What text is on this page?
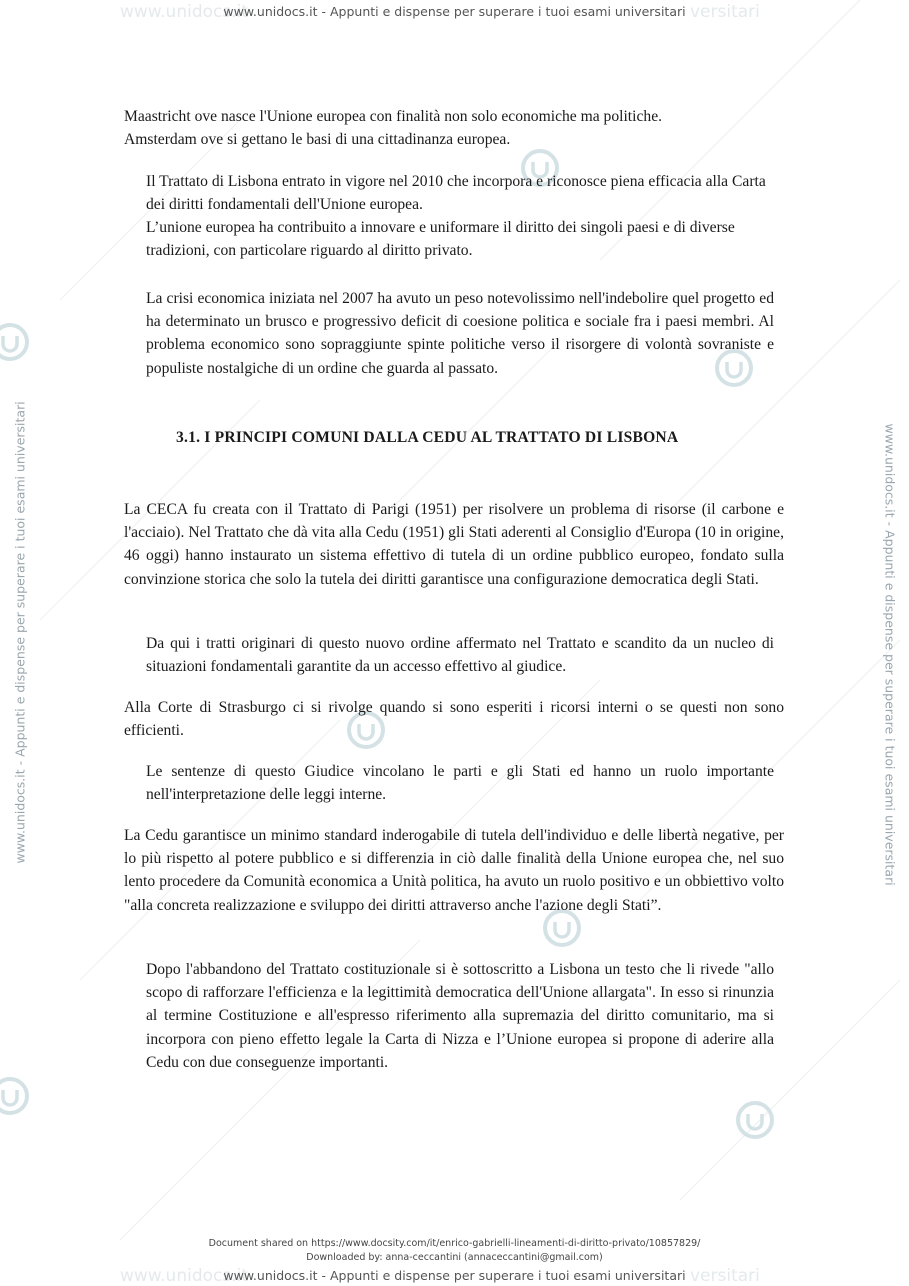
www.unidocs.it	versitari
www.unidocs.it	versitari
www.unidocs.it - Appunti e dispense per superare i tuoi esami universitari
www.unidocs.it - Appunti e dispense per superare i tuoi esami universitari	www.unidocs.it - Appunti e dispense per superare i tuoi esami universitari

Maastricht ove nasce l'Unione europea con finalità non solo economiche ma politiche. Amsterdam ove si gettano le basi di una cittadinanza europea.

Il Trattato di Lisbona entrato in vigore nel 2010 che incorpora e riconosce piena efficacia alla Carta dei diritti fondamentali dell'Unione europea.

L’unione europea ha contribuito a innovare e uniformare il diritto dei singoli paesi e di diverse tradizioni, con particolare riguardo al diritto privato.

La crisi economica iniziata nel 2007 ha avuto un peso notevolissimo nell'indebolire quel progetto ed ha determinato un brusco e progressivo deficit di coesione politica e sociale fra i paesi membri. Al problema economico sono sopraggiunte spinte politiche verso il risorgere di volontà sovraniste e populiste nostalgiche di un ordine che guarda al passato.

3.1. I PRINCIPI COMUNI DALLA CEDU AL TRATTATO DI LISBONA

La CECA fu creata con il Trattato di Parigi (1951) per risolvere un problema di risorse (il carbone e l'acciaio). Nel Trattato che dà vita alla Cedu (1951) gli Stati aderenti al Consiglio d'Europa (10 in origine, 46 oggi) hanno instaurato un sistema effettivo di tutela di un ordine pubblico europeo, fondato sulla convinzione storica che solo la tutela dei diritti garantisce una configurazione democratica degli Stati.

Da qui i tratti originari di questo nuovo ordine affermato nel Trattato e scandito da un nucleo di situazioni fondamentali garantite da un accesso effettivo al giudice.

Alla Corte di Strasburgo ci si rivolge quando si sono esperiti i ricorsi interni o se questi non sono efficienti.

Le sentenze di questo Giudice vincolano le parti e gli Stati ed hanno un ruolo importante nell'interpretazione delle leggi interne.

La Cedu garantisce un minimo standard inderogabile di tutela dell'individuo e delle libertà negative, per lo più rispetto al potere pubblico e si differenzia in ciò dalle finalità della Unione europea che, nel suo lento procedere da Comunità economica a Unità politica, ha avuto un ruolo positivo e un obbiettivo volto "alla concreta realizzazione e sviluppo dei diritti attraverso anche l'azione degli Stati”.

Dopo l'abbandono del Trattato costituzionale si è sottoscritto a Lisbona un testo che li rivede "allo scopo di rafforzare l'efficienza e la legittimità democratica dell'Unione allargata". In esso si rinunzia al termine Costituzione e all'espresso riferimento alla supremazia del diritto comunitario, ma si incorpora con pieno effetto legale la Carta di Nizza e l’Unione europea si propone di aderire alla Cedu con due conseguenze importanti.

Document shared on https://www.docsity.com/it/enrico-gabrielli-lineamenti-di-diritto-privato/10857829/
Downloaded by: anna-ceccantini (annaceccantini@gmail.com)
www.unidocs.it - Appunti e dispense per superare i tuoi esami universitari
